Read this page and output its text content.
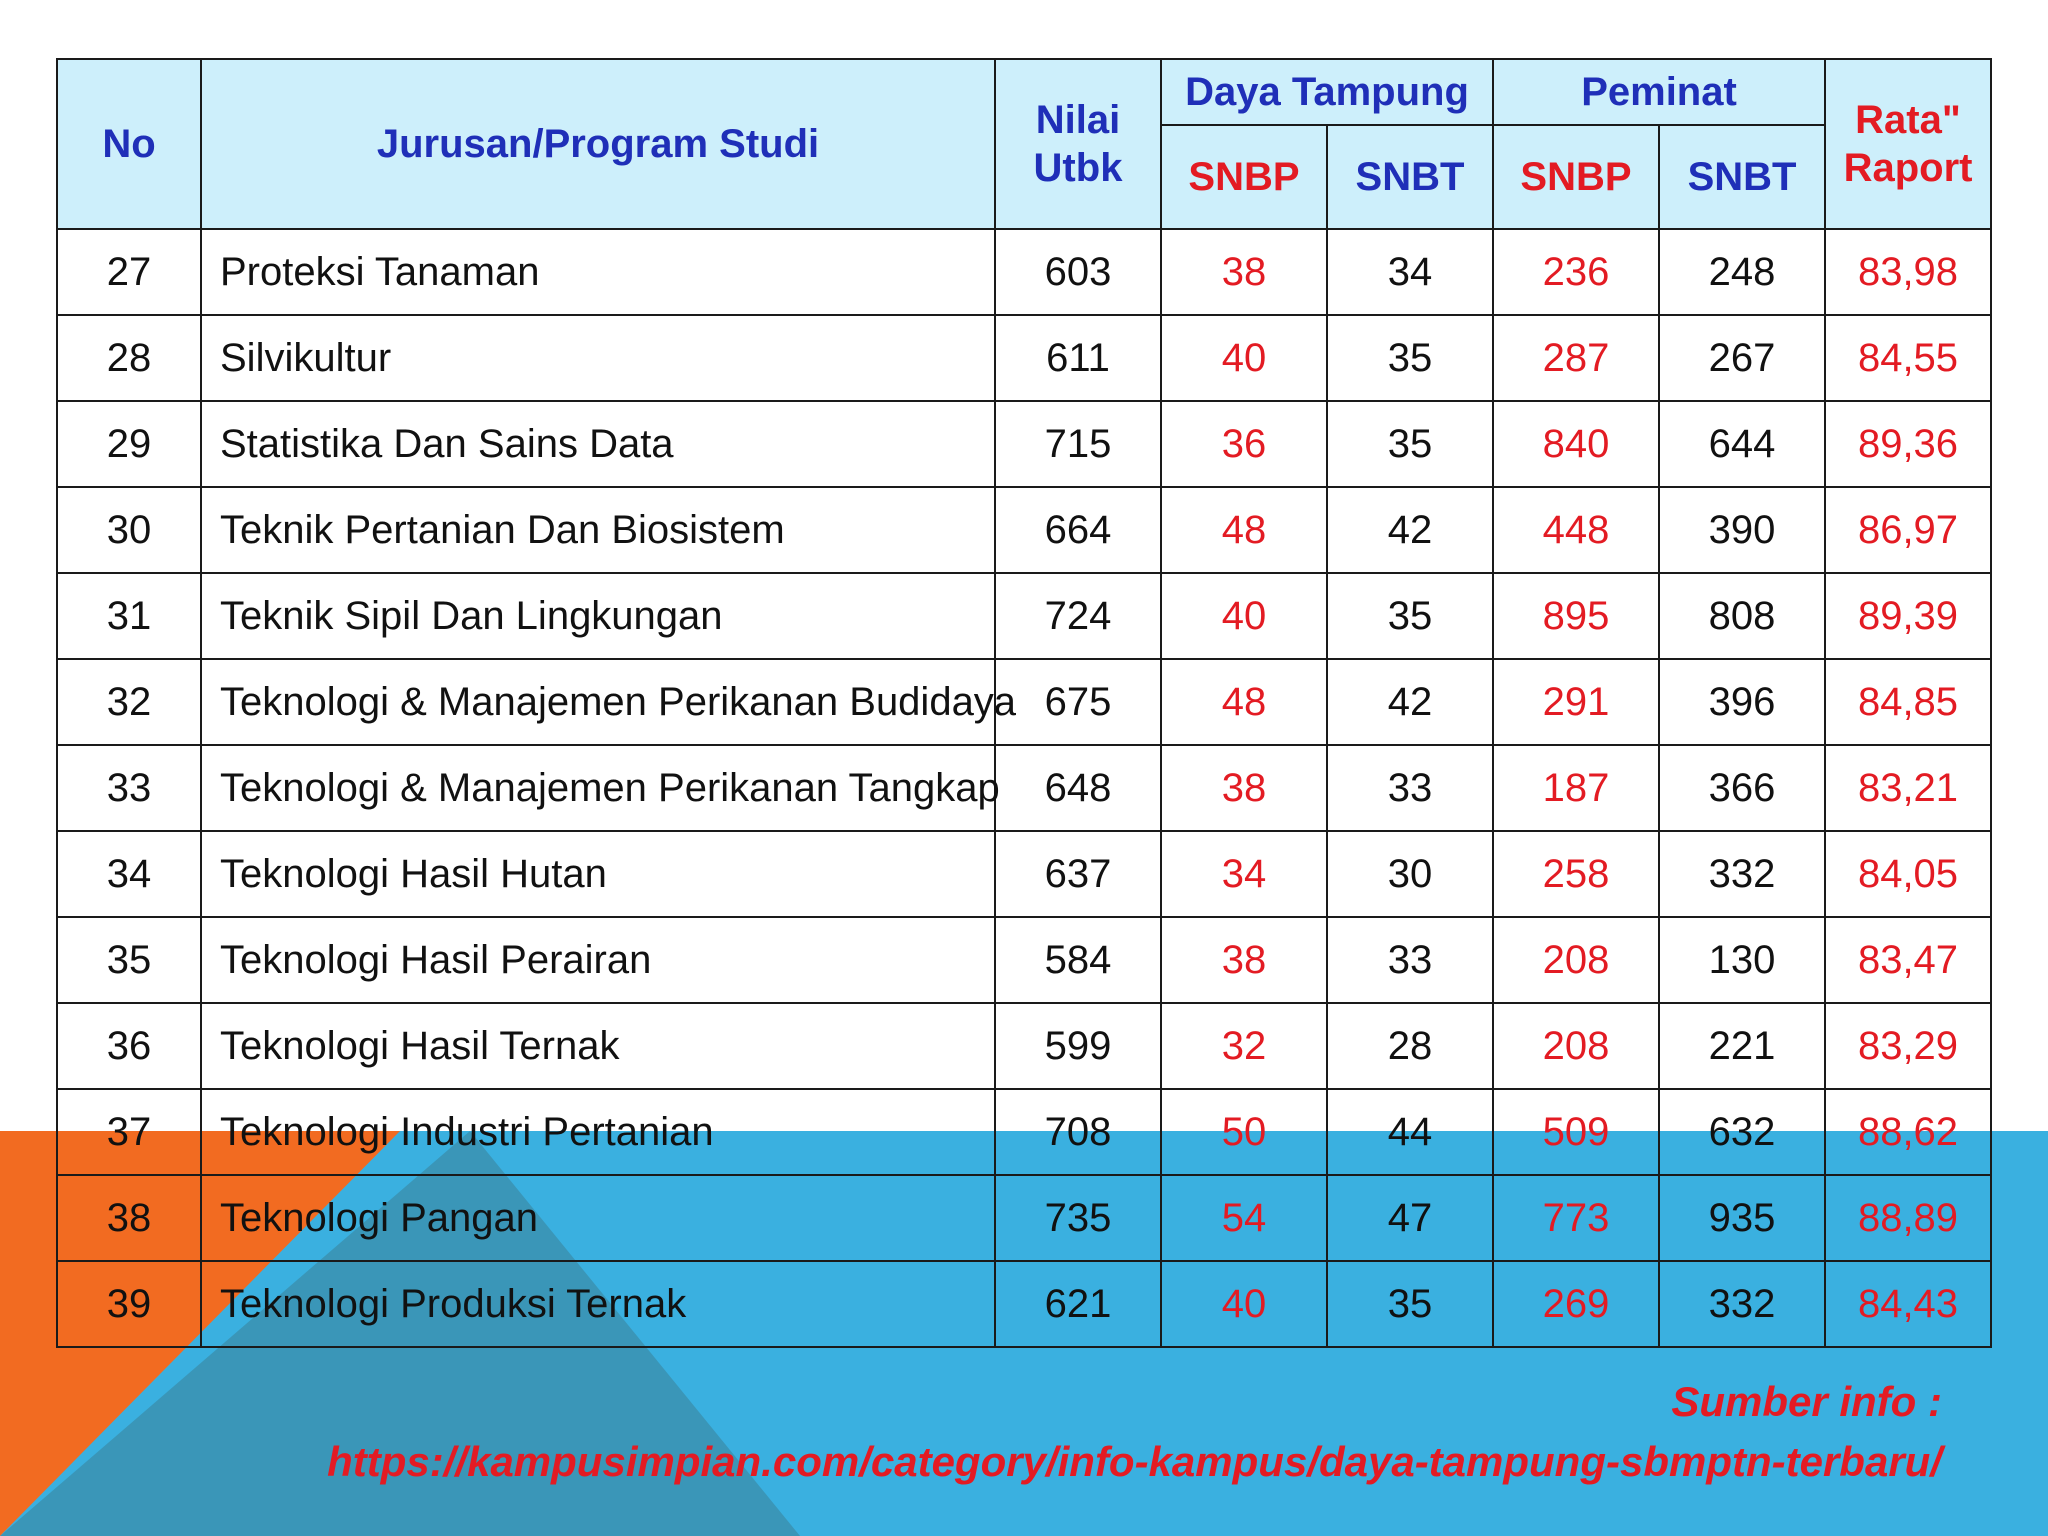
No	Jurusan/Program Studi	Nilai Utbk	Daya Tampung		Peminat		Rata" Raport
			SNBP	SNBT	SNBP	SNBT	
27	Proteksi Tanaman	603	38	34	236	248	83,98
28	Silvikultur	611	40	35	287	267	84,55
29	Statistika Dan Sains Data	715	36	35	840	644	89,36
30	Teknik Pertanian Dan Biosistem	664	48	42	448	390	86,97
31	Teknik Sipil Dan Lingkungan	724	40	35	895	808	89,39
32	Teknologi & Manajemen Perikanan Budidaya	675	48	42	291	396	84,85
33	Teknologi & Manajemen Perikanan Tangkap	648	38	33	187	366	83,21
34	Teknologi Hasil Hutan	637	34	30	258	332	84,05
35	Teknologi Hasil Perairan	584	38	33	208	130	83,47
36	Teknologi Hasil Ternak	599	32	28	208	221	83,29
37	Teknologi Industri Pertanian	708	50	44	509	632	88,62
38	Teknologi Pangan	735	54	47	773	935	88,89
39	Teknologi Produksi Ternak	621	40	35	269	332	84,43
Sumber info :
https://kampusimpian.com/category/info-kampus/daya-tampung-sbmptn-terbaru/
